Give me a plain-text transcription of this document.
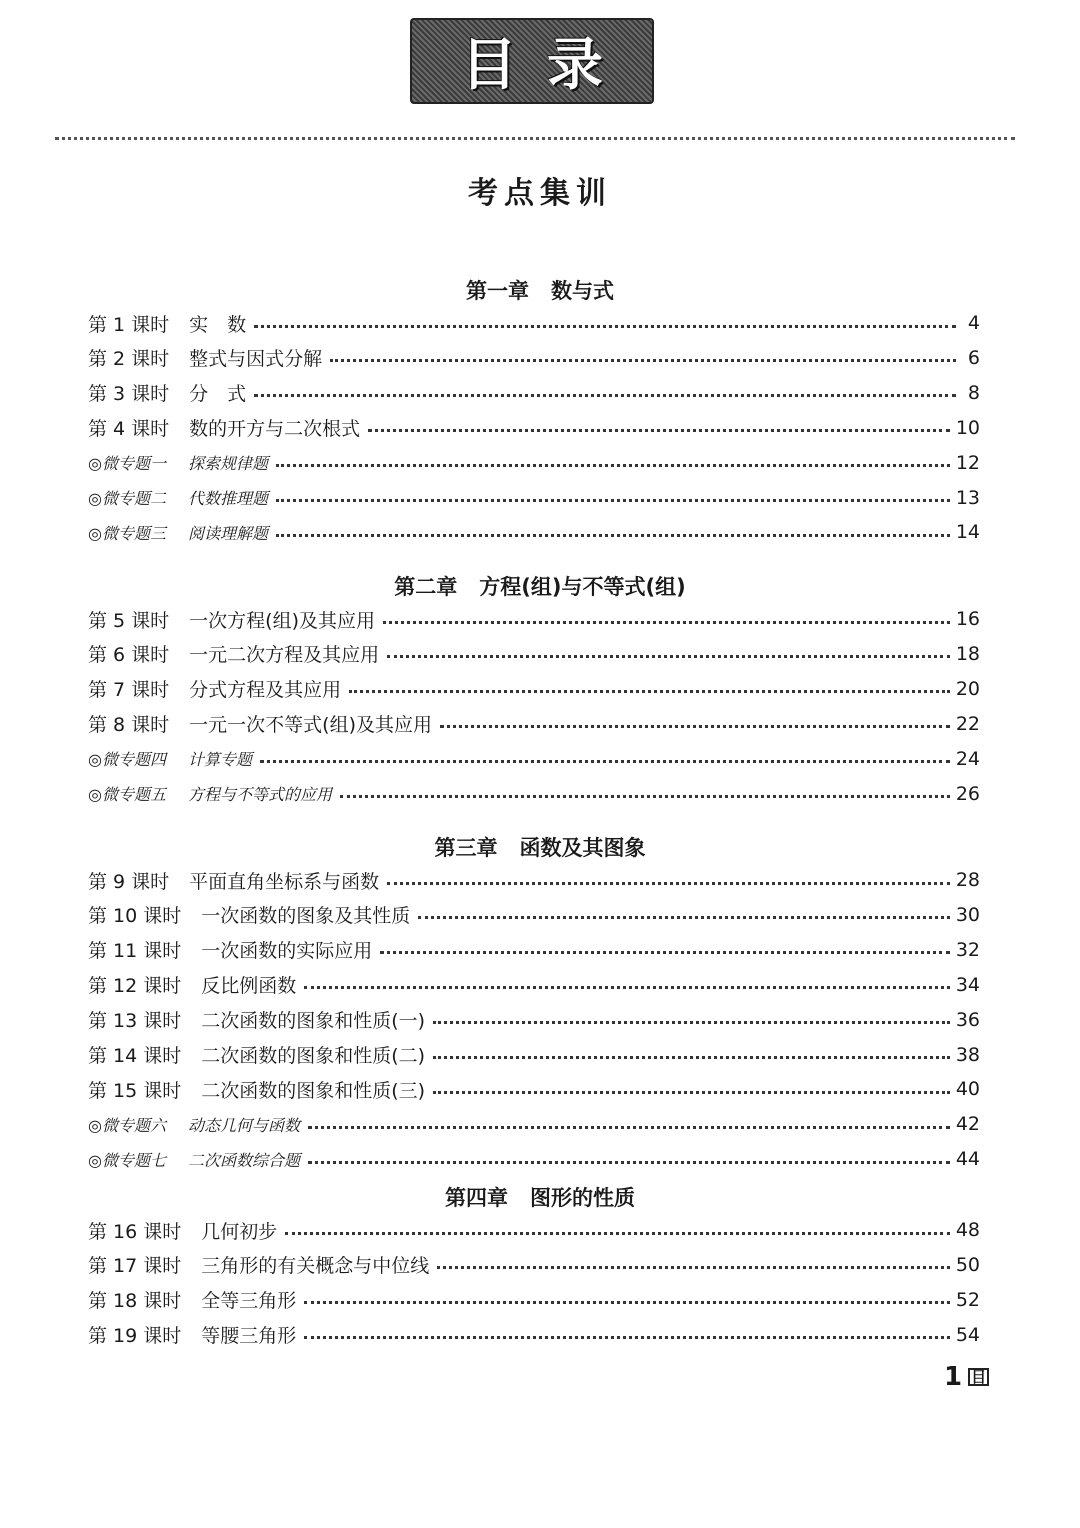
目录
考点集训
第一章 数与式
第 1 课时 实　数	4
第 2 课时 整式与因式分解	6
第 3 课时 分　式	8
第 4 课时 数的开方与二次根式	10
◎微专题一 探索规律题	12
◎微专题二 代数推理题	13
◎微专题三 阅读理解题	14
第二章 方程(组)与不等式(组)
第 5 课时 一次方程(组)及其应用	16
第 6 课时 一元二次方程及其应用	18
第 7 课时 分式方程及其应用	20
第 8 课时 一元一次不等式(组)及其应用	22
◎微专题四 计算专题	24
◎微专题五 方程与不等式的应用	26
第三章 函数及其图象
第 9 课时 平面直角坐标系与函数	28
第 10 课时 一次函数的图象及其性质	30
第 11 课时 一次函数的实际应用	32
第 12 课时 反比例函数	34
第 13 课时 二次函数的图象和性质(一)	36
第 14 课时 二次函数的图象和性质(二)	38
第 15 课时 二次函数的图象和性质(三)	40
◎微专题六 动态几何与函数	42
◎微专题七 二次函数综合题	44
第四章 图形的性质
第 16 课时 几何初步	48
第 17 课时 三角形的有关概念与中位线	50
第 18 课时 全等三角形	52
第 19 课时 等腰三角形	54
1 目
